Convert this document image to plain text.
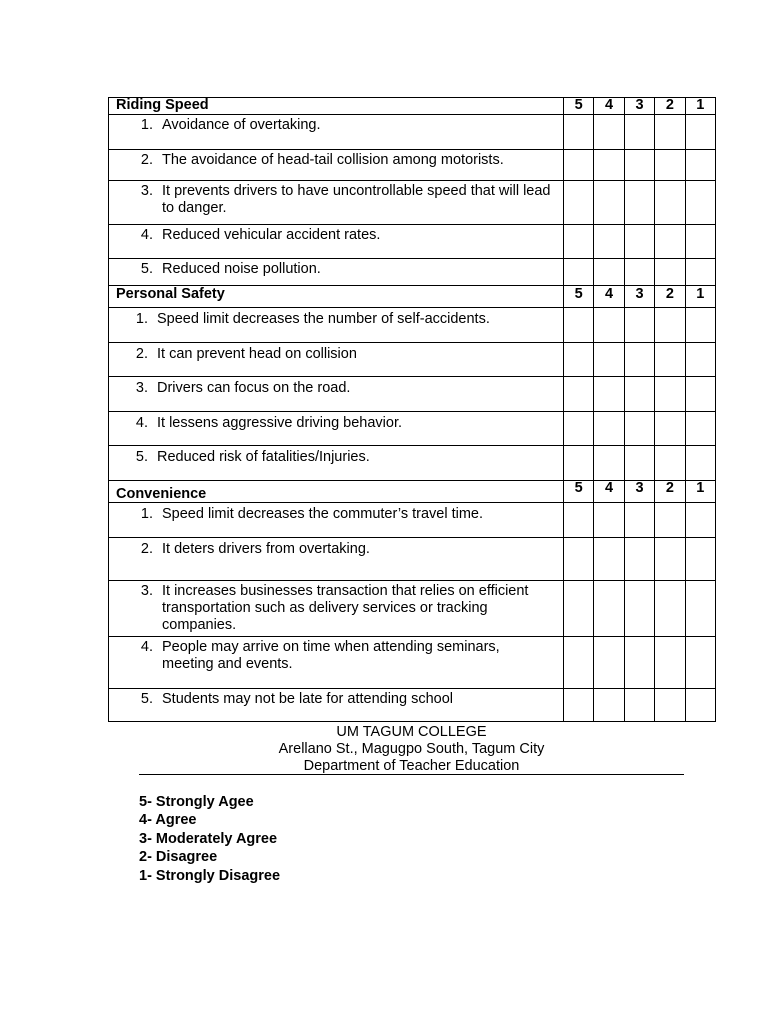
Riding Speed	5	4	3	2	1

1. Avoidance of overtaking.					

2. The avoidance of head-tail collision among motorists.					

3. It prevents drivers to have uncontrollable speed that will lead to danger.					

4. Reduced vehicular accident rates.					

5. Reduced noise pollution.					

Personal Safety	5	4	3	2	1

1. Speed limit decreases the number of self-accidents.					

2. It can prevent head on collision					

3. Drivers can focus on the road.					

4. It lessens aggressive driving behavior.					

5. Reduced risk of fatalities/Injuries.					

Convenience	5	4	3	2	1

1. Speed limit decreases the commuter’s travel time.					

2. It deters drivers from overtaking.					

3. It increases businesses transaction that relies on efficient transportation such as delivery services or tracking companies.					

4. People may arrive on time when attending seminars, meeting and events.					

5. Students may not be late for attending school					

UM TAGUM COLLEGE
Arellano St., Magugpo South, Tagum City
Department of Teacher Education
5- Strongly Agee
4- Agree
3- Moderately Agree
2- Disagree
1- Strongly Disagree
